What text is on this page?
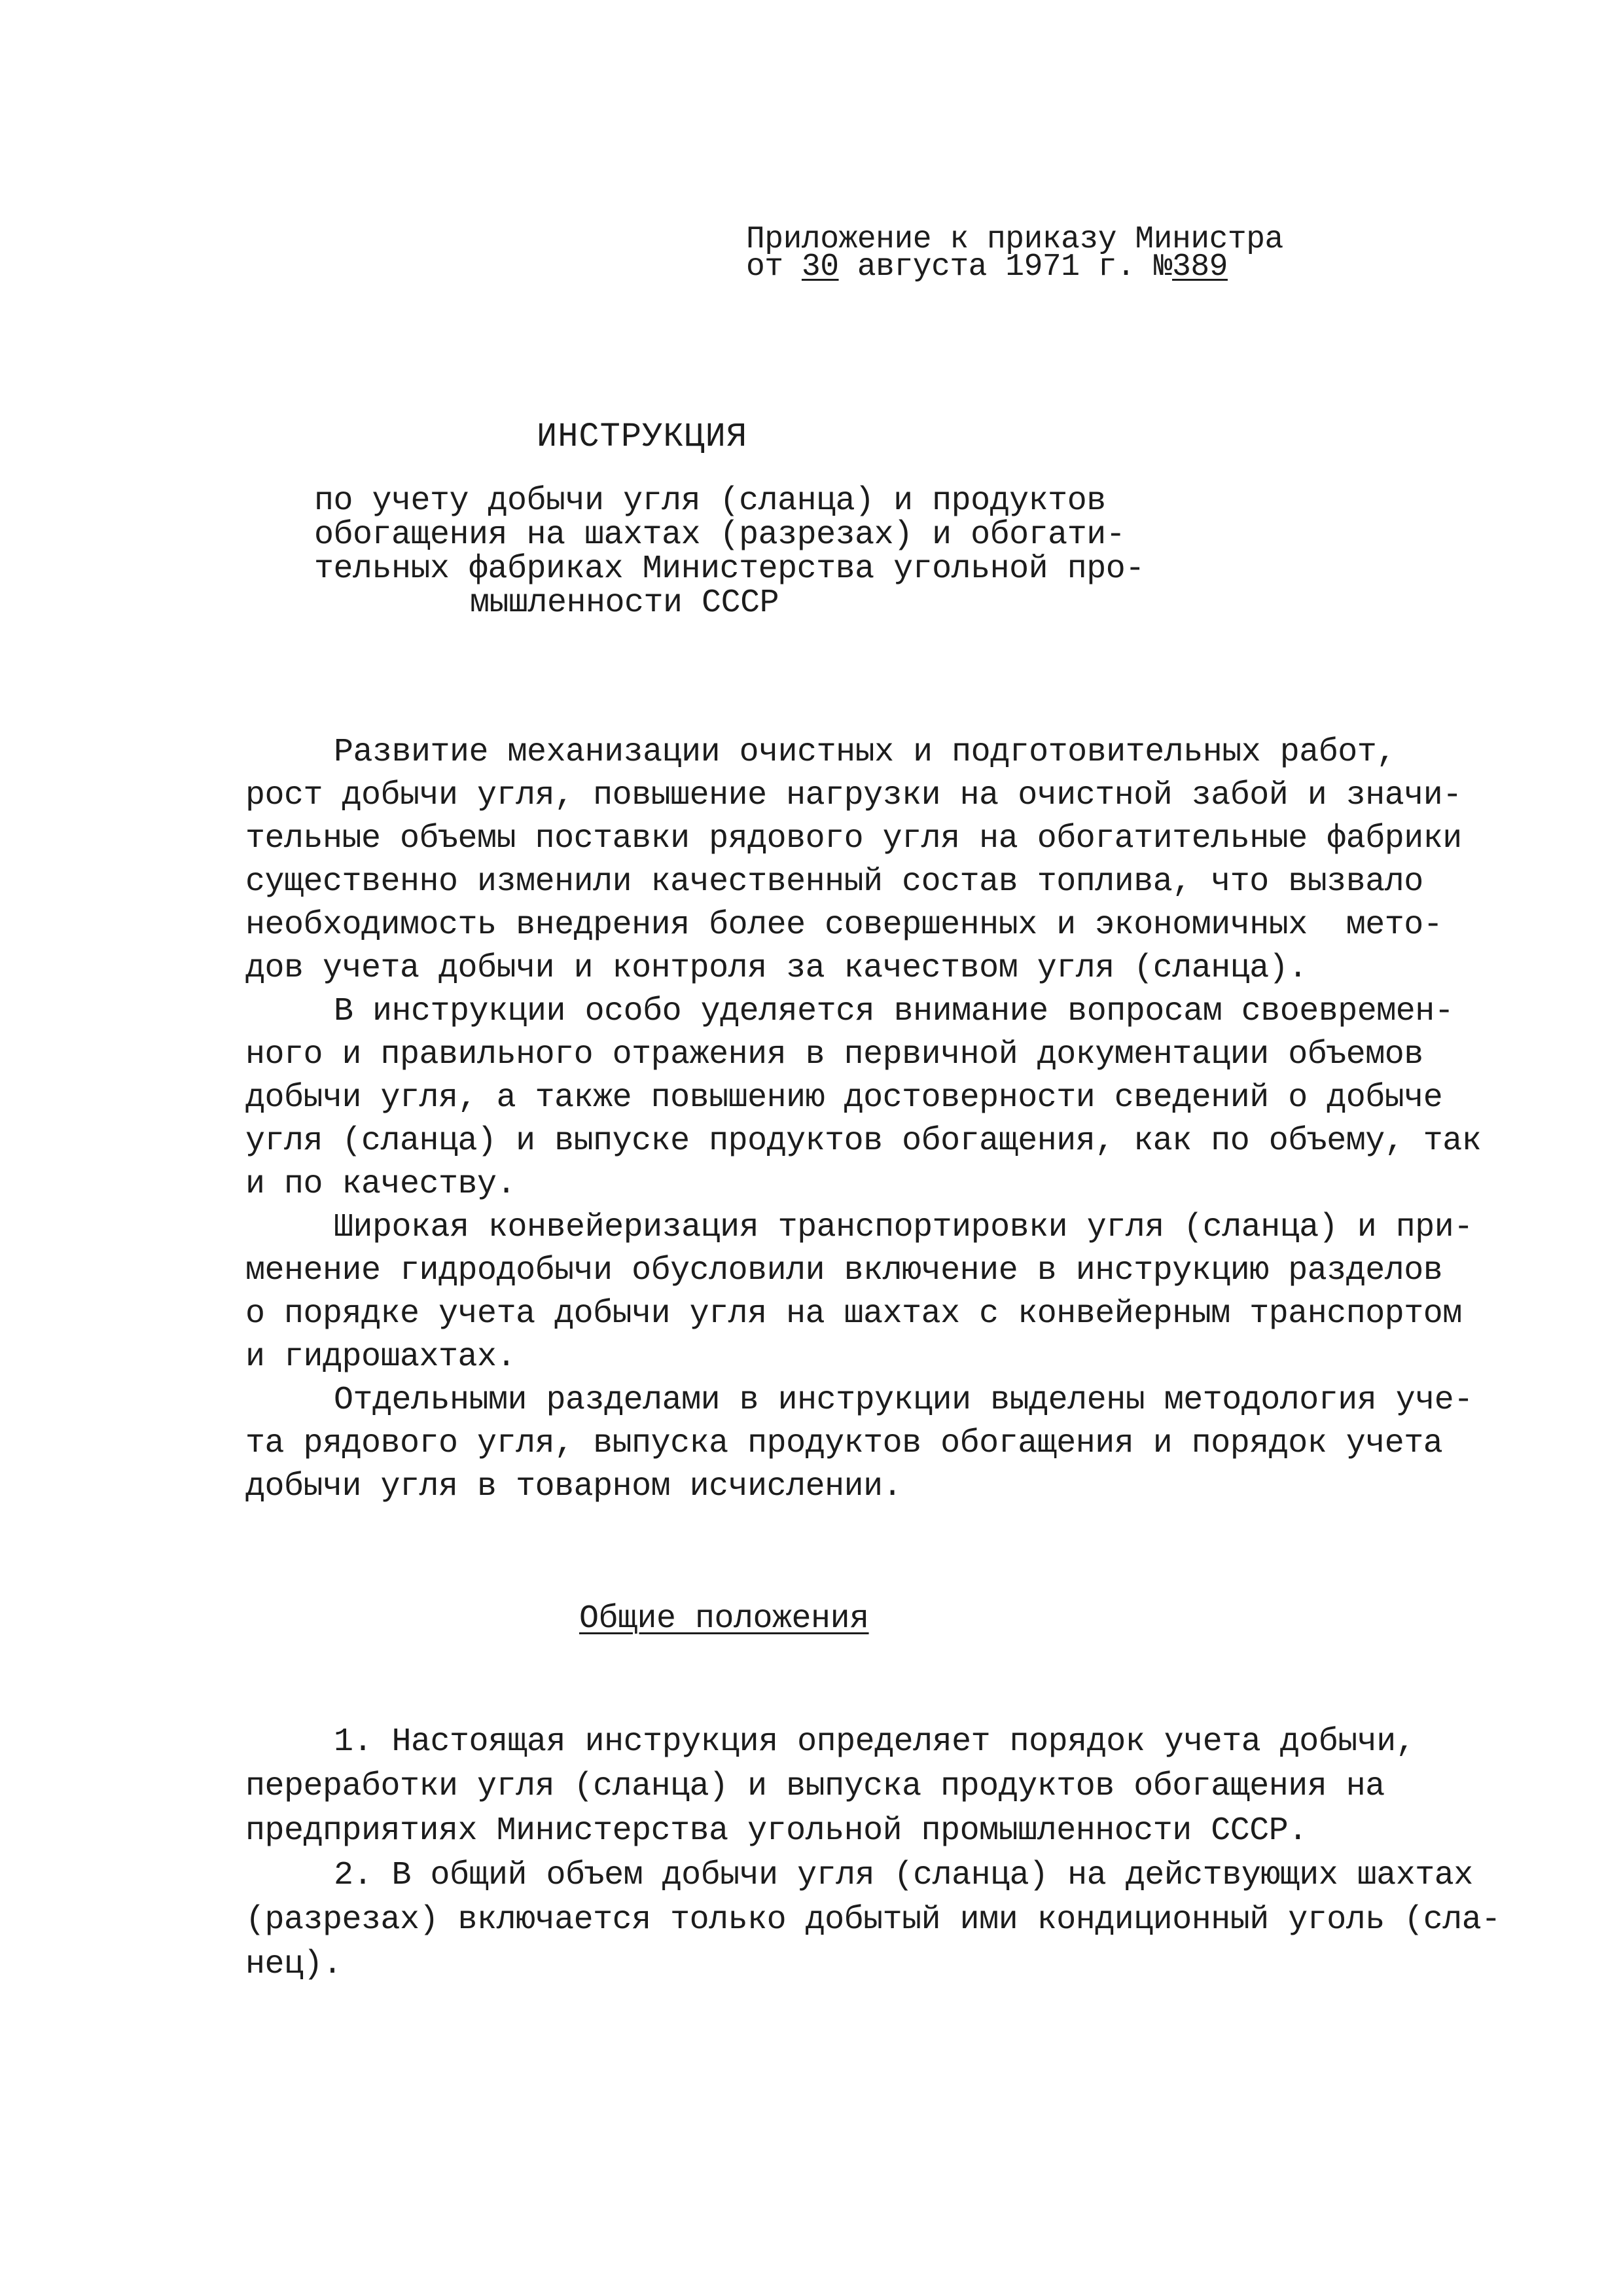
Приложение к приказу Министра
от 30 августа 1971 г. №389
ИНСТРУКЦИЯ
по учету добычи угля (сланца) и продуктов
обогащения на шахтах (разрезах) и обогати-
тельных фабриках Министерства угольной про-
мышленности СССР
Развитие механизации очистных и подготовительных работ,
рост добычи угля, повышение нагрузки на очистной забой и значи-
тельные объемы поставки рядового угля на обогатительные фабрики
существенно изменили качественный состав топлива, что вызвало
необходимость внедрения более совершенных и экономичных  мето-
дов учета добычи и контроля за качеством угля (сланца).
В инструкции особо уделяется внимание вопросам своевремен-
ного и правильного отражения в первичной документации объемов
добычи угля, а также повышению достоверности сведений о добыче
угля (сланца) и выпуске продуктов обогащения, как по объему, так
и по качеству.
Широкая конвейеризация транспортировки угля (сланца) и при-
менение гидродобычи обусловили включение в инструкцию разделов
о порядке учета добычи угля на шахтах с конвейерным транспортом
и гидрошахтах.
Отдельными разделами в инструкции выделены методология уче-
та рядового угля, выпуска продуктов обогащения и порядок учета
добычи угля в товарном исчислении.
Общие положения
1. Настоящая инструкция определяет порядок учета добычи,
переработки угля (сланца) и выпуска продуктов обогащения на
предприятиях Министерства угольной промышленности СССР.
2. В общий объем добычи угля (сланца) на действующих шахтах
(разрезах) включается только добытый ими кондиционный уголь (сла-
нец).
